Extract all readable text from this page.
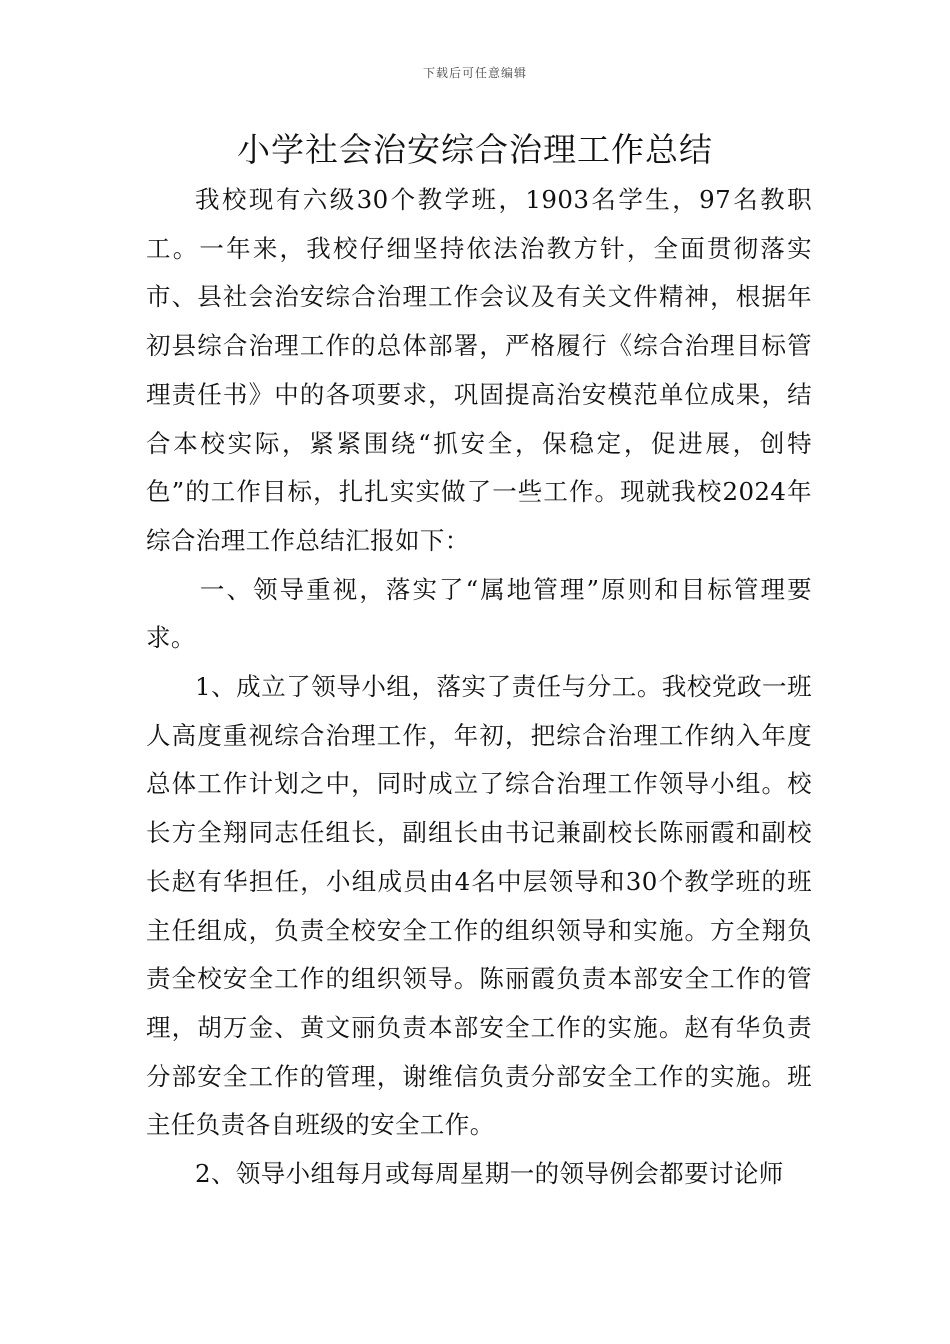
下载后可任意编辑
小学社会治安综合治理工作总结

我校现有六级30个教学班，1903名学生，97名教职工。一年来，我校仔细坚持依法治教方针，全面贯彻落实市、县社会治安综合治理工作会议及有关文件精神，根据年初县综合治理工作的总体部署，严格履行《综合治理目标管理责任书》中的各项要求，巩固提高治安模范单位成果，结合本校实际，紧紧围绕“抓安全，保稳定，促进展，创特色”的工作目标，扎扎实实做了一些工作。现就我校2024年综合治理工作总结汇报如下：

一、领导重视，落实了“属地管理”原则和目标管理要求。

1、成立了领导小组，落实了责任与分工。我校党政一班人高度重视综合治理工作，年初，把综合治理工作纳入年度总体工作计划之中，同时成立了综合治理工作领导小组。校长方全翔同志任组长，副组长由书记兼副校长陈丽霞和副校长赵有华担任，小组成员由4名中层领导和30个教学班的班主任组成，负责全校安全工作的组织领导和实施。方全翔负责全校安全工作的组织领导。陈丽霞负责本部安全工作的管理，胡万金、黄文丽负责本部安全工作的实施。赵有华负责分部安全工作的管理，谢维信负责分部安全工作的实施。班主任负责各自班级的安全工作。

2、领导小组每月或每周星期一的领导例会都要讨论师
